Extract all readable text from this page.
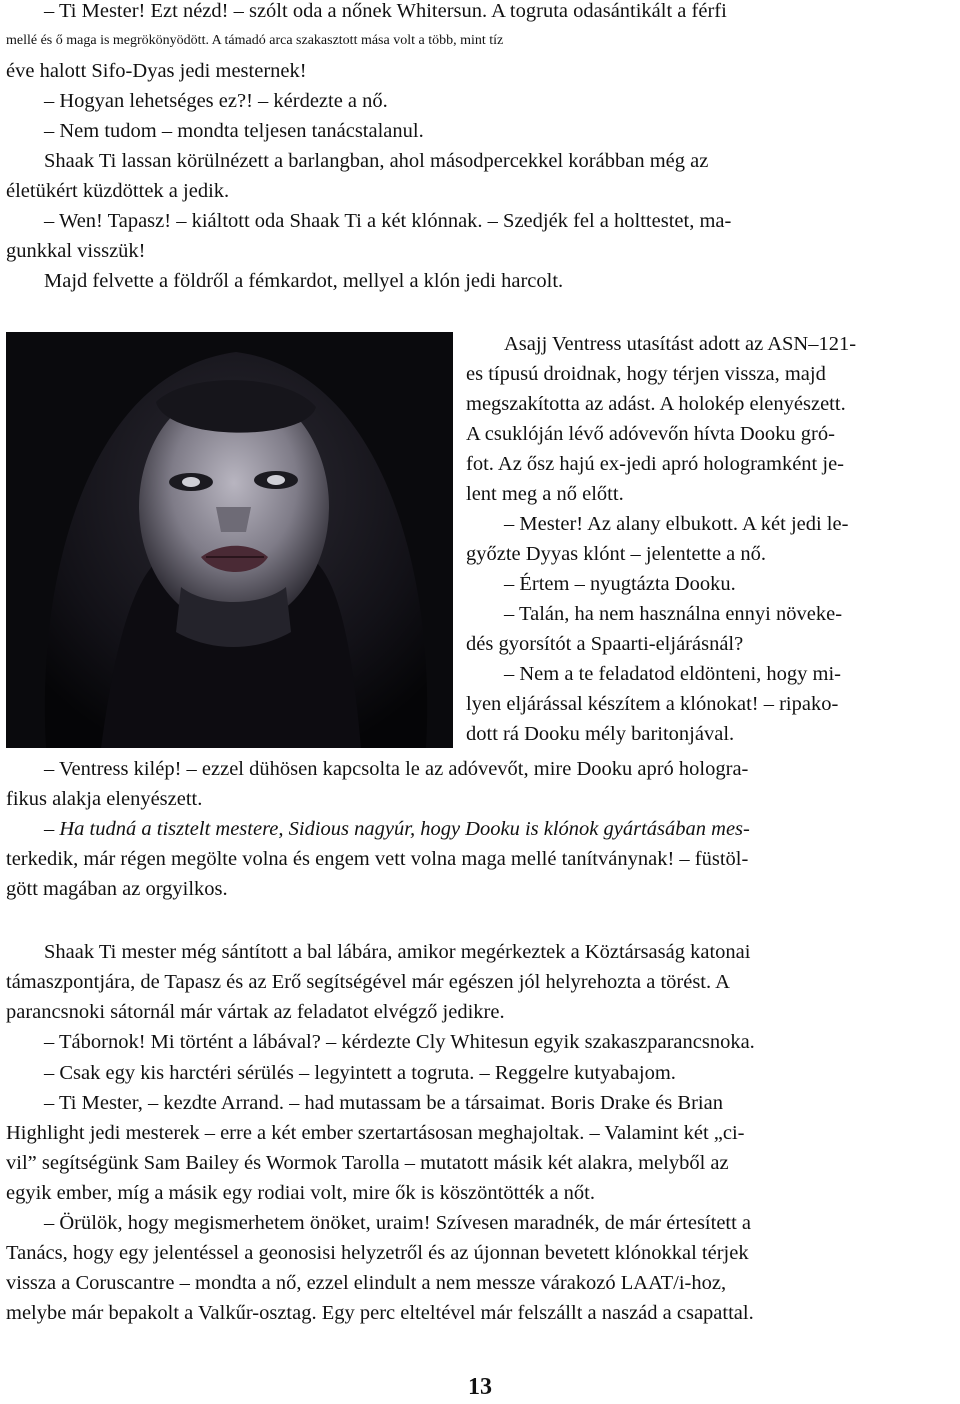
– Ti Mester! Ezt nézd! – szólt oda a nőnek Whitersun. A togruta odasántikált a férfi
mellé és ő maga is megrökönyödött. A támadó arca szakasztott mása volt a több, mint tíz
éve halott Sifo-Dyas jedi mesternek!
– Hogyan lehetséges ez?! – kérdezte a nő.
– Nem tudom – mondta teljesen tanácstalanul.
Shaak Ti lassan körülnézett a barlangban, ahol másodpercekkel korábban még az
életükért küzdöttek a jedik.
– Wen! Tapasz! – kiáltott oda Shaak Ti a két klónnak. – Szedjék fel a holttestet, ma-
gunkkal visszük!
Majd felvette a földről a fémkardot, mellyel a klón jedi harcolt.
Asajj Ventress utasítást adott az ASN–121-
es típusú droidnak, hogy térjen vissza, majd
megszakította az adást. A holokép elenyészett.
A csuklóján lévő adóvevőn hívta Dooku gró-
fot. Az ősz hajú ex-jedi apró hologramként je-
lent meg a nő előtt.
– Mester! Az alany elbukott. A két jedi le-
győzte Dyyas klónt – jelentette a nő.
– Értem – nyugtázta Dooku.
– Talán, ha nem használna ennyi növeke-
dés gyorsítót a Spaarti-eljárásnál?
– Nem a te feladatod eldönteni, hogy mi-
lyen eljárással készítem a klónokat! – ripako-
dott rá Dooku mély baritonjával.
– Ventress kilép! – ezzel dühösen kapcsolta le az adóvevőt, mire Dooku apró hologra-
fikus alakja elenyészett.
– Ha tudná a tisztelt mestere, Sidious nagyúr, hogy Dooku is klónok gyártásában mes-
terkedik, már régen megölte volna és engem vett volna maga mellé tanítványnak! – füstöl-
gött magában az orgyilkos.
Shaak Ti mester még sántított a bal lábára, amikor megérkeztek a Köztársaság katonai
támaszpontjára, de Tapasz és az Erő segítségével már egészen jól helyrehozta a törést. A
parancsnoki sátornál már vártak az feladatot elvégző jedikre.
– Tábornok! Mi történt a lábával? – kérdezte Cly Whitesun egyik szakaszparancsnoka.
– Csak egy kis harctéri sérülés – legyintett a togruta. – Reggelre kutyabajom.
– Ti Mester, – kezdte Arrand. – had mutassam be a társaimat. Boris Drake és Brian
Highlight jedi mesterek – erre a két ember szertartásosan meghajoltak. – Valamint két „ci-
vil” segítségünk Sam Bailey és Wormok Tarolla – mutatott másik két alakra, melyből az
egyik ember, míg a másik egy rodiai volt, mire ők is köszöntötték a nőt.
– Örülök, hogy megismerhetem önöket, uraim! Szívesen maradnék, de már értesített a
Tanács, hogy egy jelentéssel a geonosisi helyzetről és az újonnan bevetett klónokkal térjek
vissza a Coruscantre – mondta a nő, ezzel elindult a nem messze várakozó LAAT/i-hoz,
melybe már bepakolt a Valkűr-osztag. Egy perc elteltével már felszállt a naszád a csapattal.
13
